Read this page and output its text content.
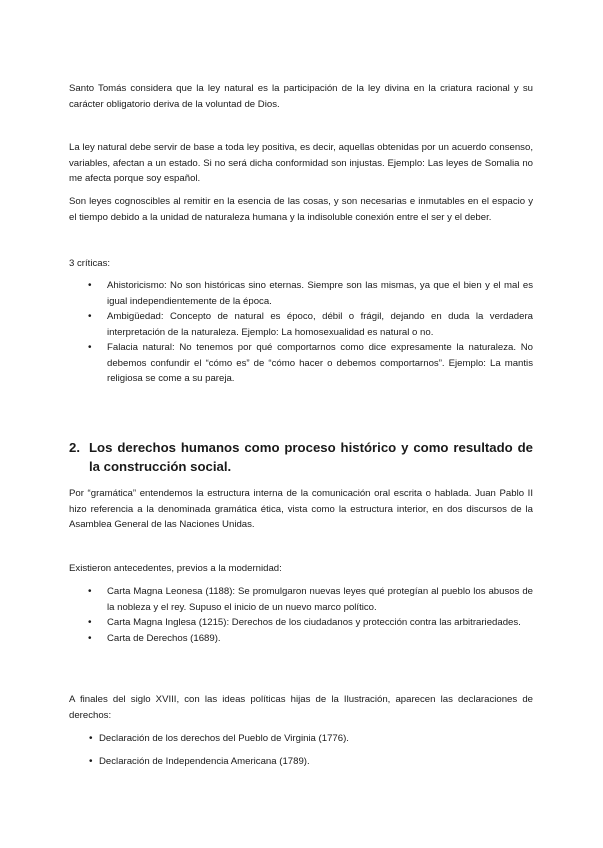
Santo Tomás considera que la ley natural es la participación de la ley divina en la criatura racional y su carácter obligatorio deriva de la voluntad de Dios.

La ley natural debe servir de base a toda ley positiva, es decir, aquellas obtenidas por un acuerdo consenso, variables, afectan a un estado. Si no será dicha conformidad son injustas. Ejemplo: Las leyes de Somalia no me afecta porque soy español.

Son leyes cognoscibles al remitir en la esencia de las cosas, y son necesarias e inmutables en el espacio y el tiempo debido a la unidad de naturaleza humana y la indisoluble conexión entre el ser y el deber.

3 críticas:

• Ahistoricismo: No son históricas sino eternas. Siempre son las mismas, ya que el bien y el mal es igual independientemente de la época.
• Ambigüedad: Concepto de natural es époco, débil o frágil, dejando en duda la verdadera interpretación de la naturaleza. Ejemplo: La homosexualidad es natural o no.
• Falacia natural: No tenemos por qué comportarnos como dice expresamente la naturaleza. No debemos confundir el “cómo es” de “cómo hacer o debemos comportarnos”. Ejemplo: La mantis religiosa se come a su pareja.
2. Los derechos humanos como proceso histórico y como resultado de la construcción social.

Por “gramática” entendemos la estructura interna de la comunicación oral escrita o hablada. Juan Pablo II hizo referencia a la denominada gramática ética, vista como la estructura interior, en dos discursos de la Asamblea General de las Naciones Unidas.

Existieron antecedentes, previos a la modernidad:

• Carta Magna Leonesa (1188): Se promulgaron nuevas leyes qué protegían al pueblo los abusos de la nobleza y el rey. Supuso el inicio de un nuevo marco político.
• Carta Magna Inglesa (1215): Derechos de los ciudadanos y protección contra las arbitrariedades.
• Carta de Derechos (1689).

A finales del siglo XVIII, con las ideas políticas hijas de la Ilustración, aparecen las declaraciones de derechos:

• Declaración de los derechos del Pueblo de Virginia (1776).
• Declaración de Independencia Americana (1789).
